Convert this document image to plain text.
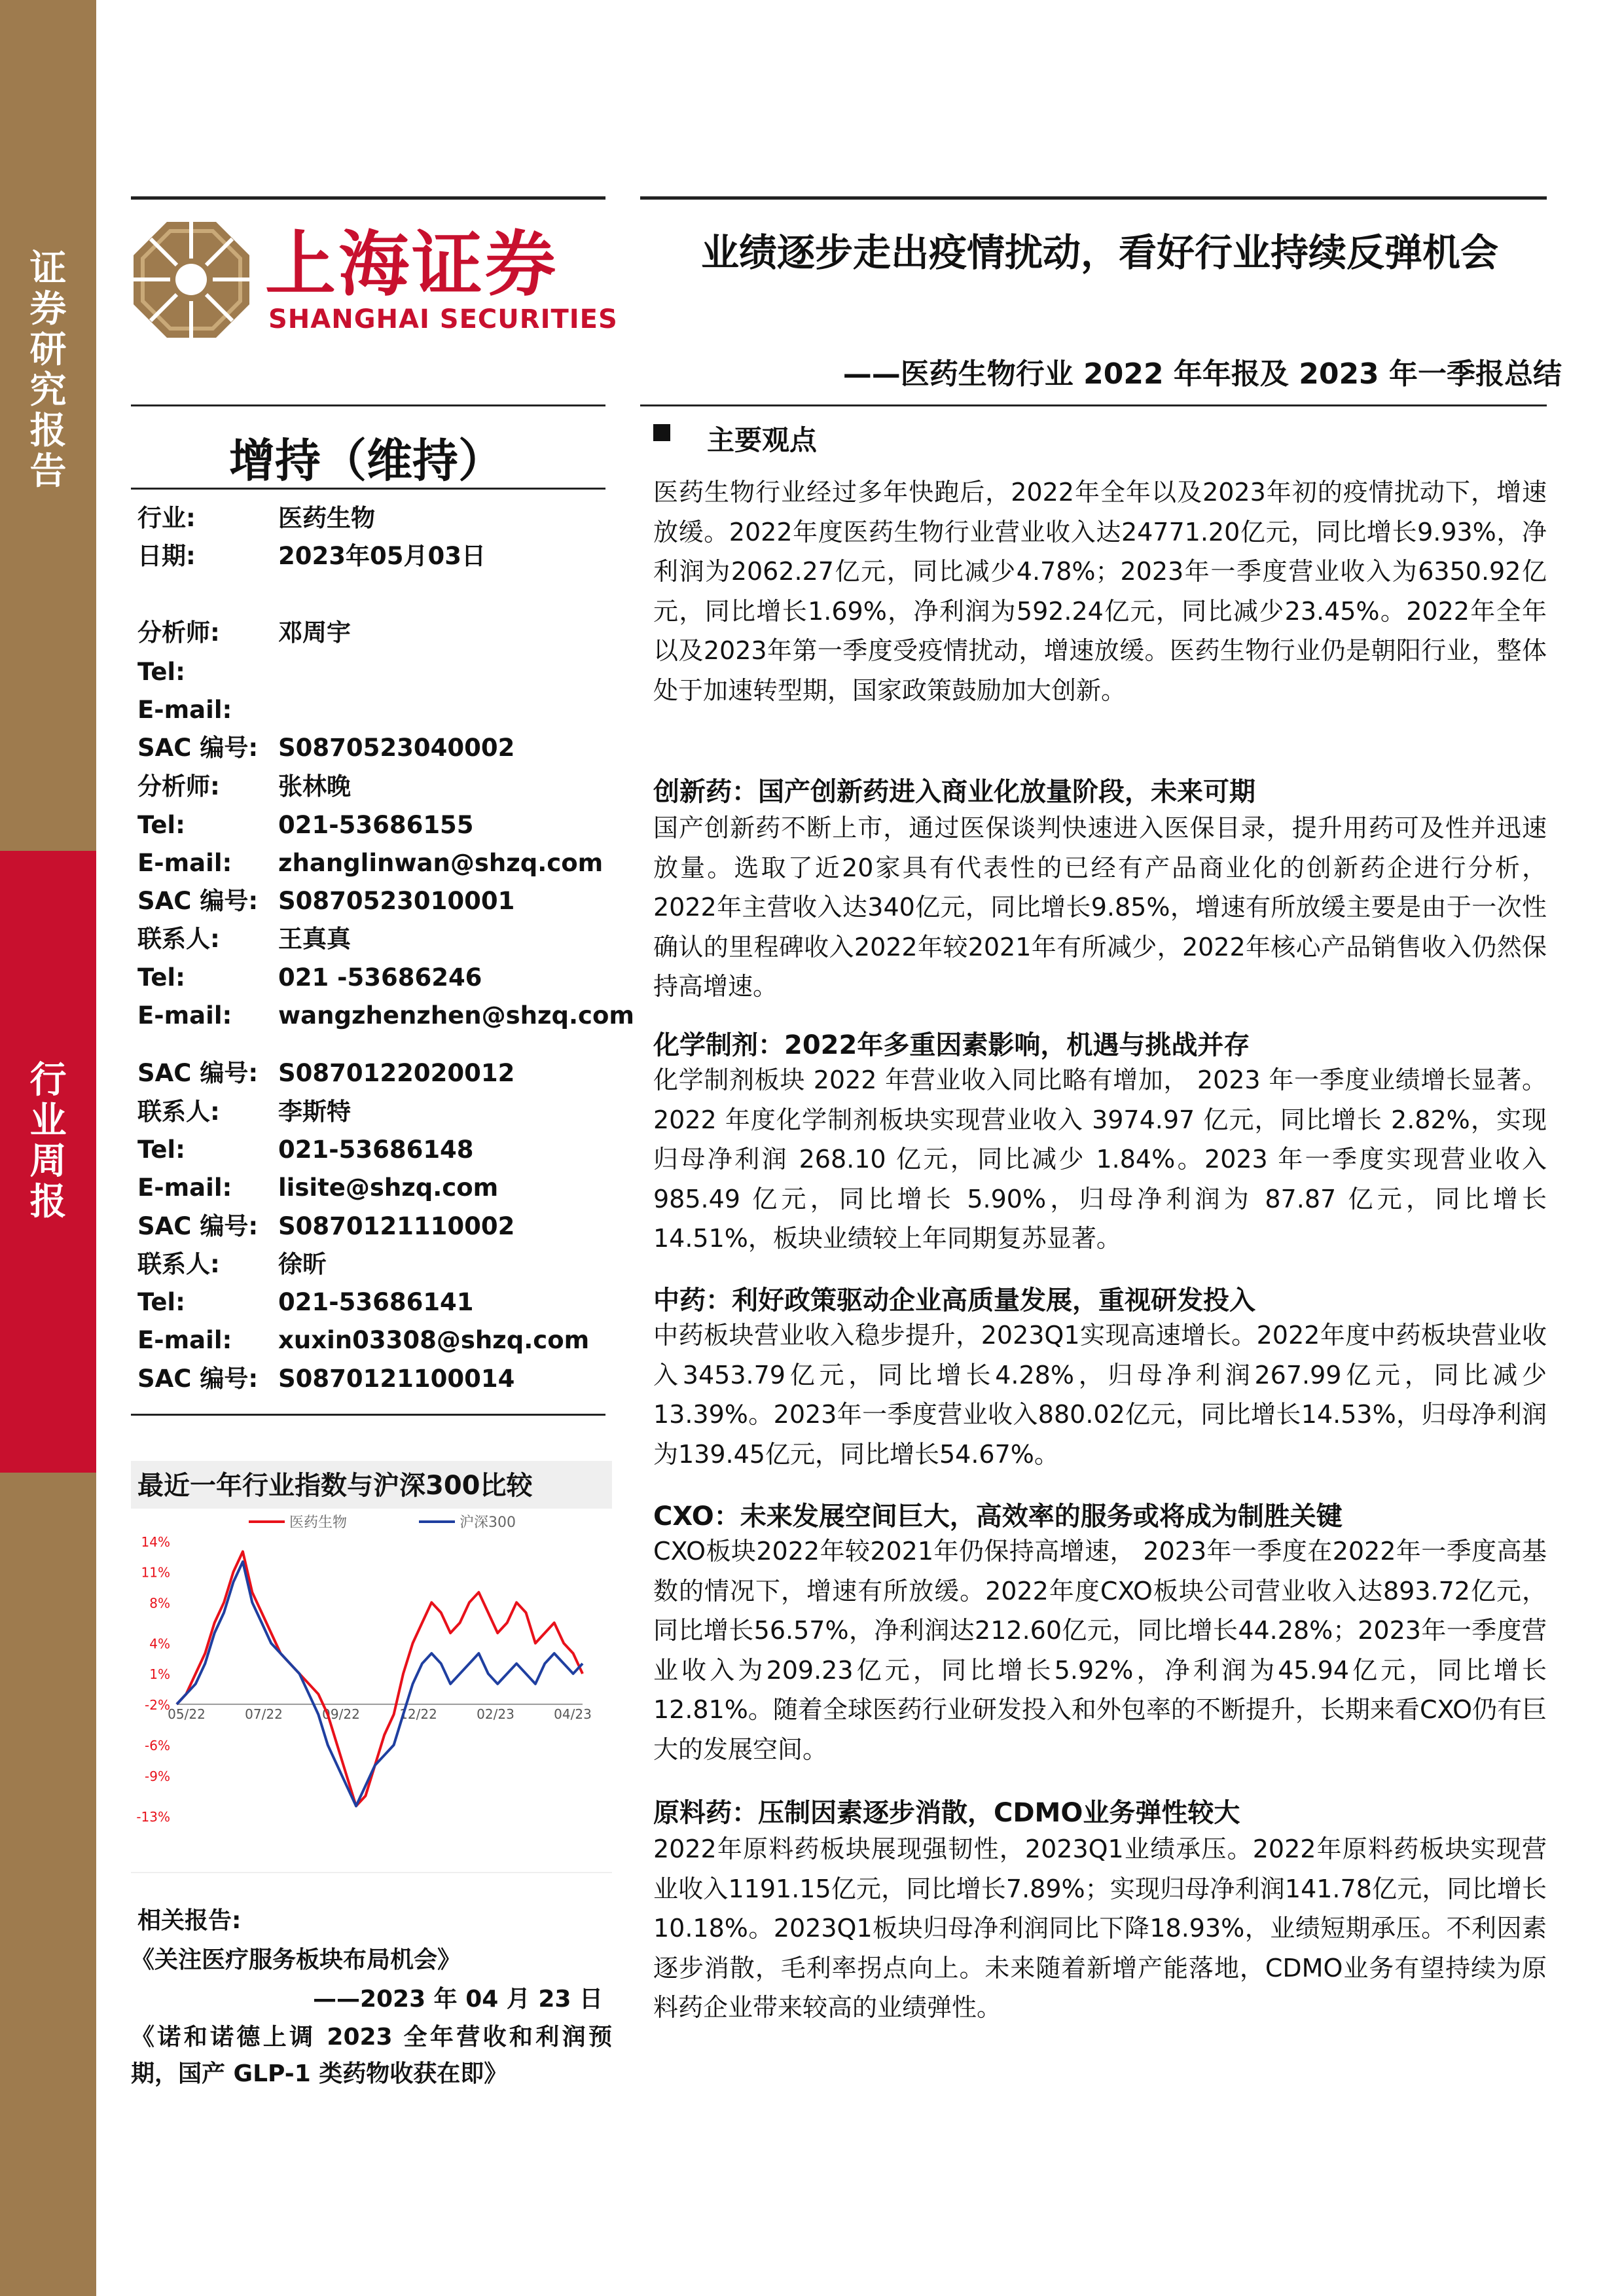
证
券
研
究
报
告
行
业
周
报
上海证券
SHANGHAI SECURITIES
业绩逐步走出疫情扰动，看好行业持续反弹机会
——医药生物行业 2022 年年报及 2023 年一季报总结
增持（维持）
行业:	医药生物
日期:	2023年05月03日
分析师:	邓周宇
Tel:
E-mail:
SAC 编号: S0870523040002
分析师:	张林晚
Tel:	021-53686155
E-mail:	zhanglinwan@shzq.com
SAC 编号: S0870523010001
联系人:	王真真
Tel:	021 -53686246
E-mail:	wangzhenzhen@shzq.com
SAC 编号: S0870122020012
联系人:	李斯特
Tel:	021-53686148
E-mail:	lisite@shzq.com
SAC 编号: S0870121110002
联系人:	徐昕
Tel:	021-53686141
E-mail:	xuxin03308@shzq.com
SAC 编号: S0870121100014
最近一年行业指数与沪深300比较
医药生物	沪深300
14%
11%
8%
4%
1%
-2%
-6%
-9%
-13%
05/22	07/22	09/22	12/22	02/23	04/23
相关报告:
《关注医疗服务板块布局机会》
——2023 年 04 月 23 日
《诺和诺德上调 2023 全年营收和利润预期，国产 GLP-1 类药物收获在即》
主要观点
医药生物行业经过多年快跑后，2022年全年以及2023年初的疫情扰动下，增速放缓。2022年度医药生物行业营业收入达24771.20亿元，同比增长9.93%，净利润为2062.27亿元，同比减少4.78%；2023年一季度营业收入为6350.92亿元，同比增长1.69%，净利润为592.24亿元，同比减少23.45%。2022年全年以及2023年第一季度受疫情扰动，增速放缓。医药生物行业仍是朝阳行业，整体处于加速转型期，国家政策鼓励加大创新。
创新药：国产创新药进入商业化放量阶段，未来可期
国产创新药不断上市，通过医保谈判快速进入医保目录，提升用药可及性并迅速放量。选取了近20家具有代表性的已经有产品商业化的创新药企进行分析， 2022年主营收入达340亿元，同比增长9.85%，增速有所放缓主要是由于一次性确认的里程碑收入2022年较2021年有所减少，2022年核心产品销售收入仍然保持高增速。
化学制剂：2022年多重因素影响，机遇与挑战并存
化学制剂板块 2022 年营业收入同比略有增加， 2023 年一季度业绩增长显著。2022 年度化学制剂板块实现营业收入 3974.97 亿元，同比增长 2.82%，实现归母净利润 268.10 亿元，同比减少 1.84%。2023 年一季度实现营业收入 985.49 亿元，同比增长 5.90%，归母净利润为 87.87 亿元，同比增长 14.51%，板块业绩较上年同期复苏显著。
中药：利好政策驱动企业高质量发展，重视研发投入
中药板块营业收入稳步提升，2023Q1实现高速增长。2022年度中药板块营业收入3453.79亿元，同比增长4.28%，归母净利润267.99亿元，同比减少13.39%。2023年一季度营业收入880.02亿元，同比增长14.53%，归母净利润为139.45亿元，同比增长54.67%。
CXO：未来发展空间巨大，高效率的服务或将成为制胜关键
CXO板块2022年较2021年仍保持高增速， 2023年一季度在2022年一季度高基数的情况下，增速有所放缓。2022年度CXO板块公司营业收入达893.72亿元，同比增长56.57%，净利润达212.60亿元，同比增长44.28%；2023年一季度营业收入为209.23亿元，同比增长5.92%，净利润为45.94亿元，同比增长12.81%。随着全球医药行业研发投入和外包率的不断提升，长期来看CXO仍有巨大的发展空间。
原料药：压制因素逐步消散，CDMO业务弹性较大
2022年原料药板块展现强韧性，2023Q1业绩承压。2022年原料药板块实现营业收入1191.15亿元，同比增长7.89%；实现归母净利润141.78亿元，同比增长10.18%。2023Q1板块归母净利润同比下降18.93%，业绩短期承压。不利因素逐步消散，毛利率拐点向上。未来随着新增产能落地，CDMO业务有望持续为原料药企业带来较高的业绩弹性。
